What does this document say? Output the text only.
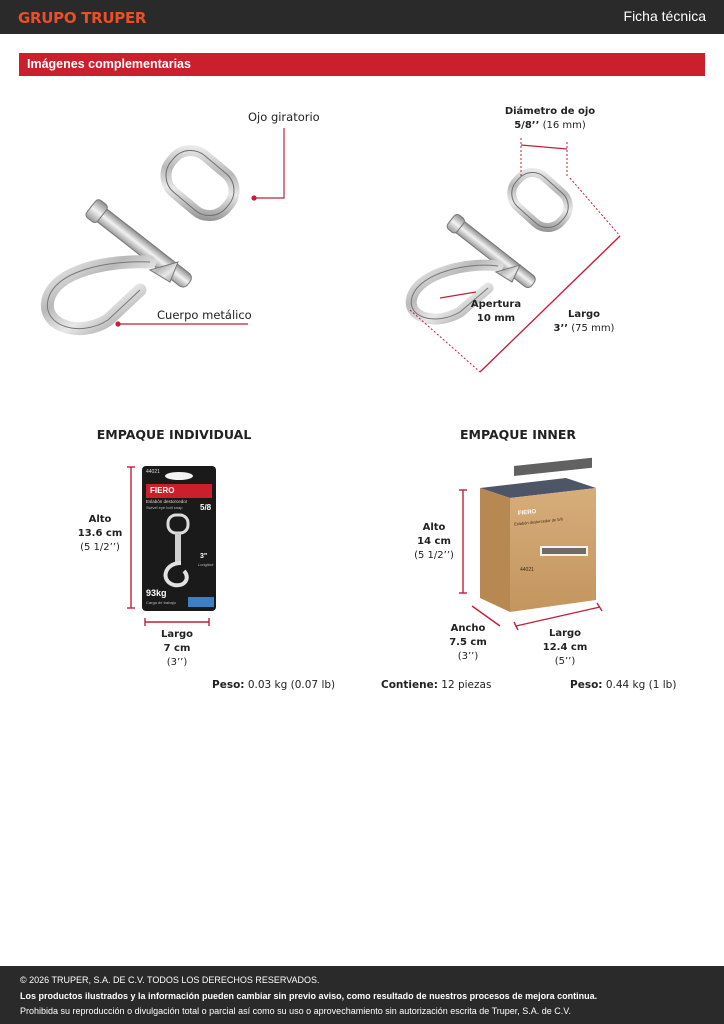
GRUPO TRUPER	Ficha técnica
Imágenes complementarias
Ojo giratorio
Cuerpo metálico
Diámetro de ojo
5/8’’ (16 mm)
Apertura
10 mm	Largo
3’’ (75 mm)
EMPAQUE INDIVIDUAL
Alto
13.6 cm
(5 1/2’’)
Largo
7 cm
(3’’)
Peso: 0.03 kg (0.07 lb)
44021
FIERO
Eslabón destorcedor
Swivel eye bolt snap 5/8
3"
Longitud
93kg
Carga de trabajo
EMPAQUE INNER
Alto
14 cm
(5 1/2’’)
Ancho
7.5 cm
(3’’)
Largo
12.4 cm
(5’’)
Contiene: 12 piezas	Peso: 0.44 kg (1 lb)
FIERO
Eslabón destorcedor de 5/8
44021

© 2026 TRUPER, S.A. DE C.V. TODOS LOS DERECHOS RESERVADOS.

Los productos ilustrados y la información pueden cambiar sin previo aviso, como resultado de nuestros procesos de mejora continua.

Prohibida su reproducción o divulgación total o parcial así como su uso o aprovechamiento sin autorización escrita de Truper, S.A. de C.V.
